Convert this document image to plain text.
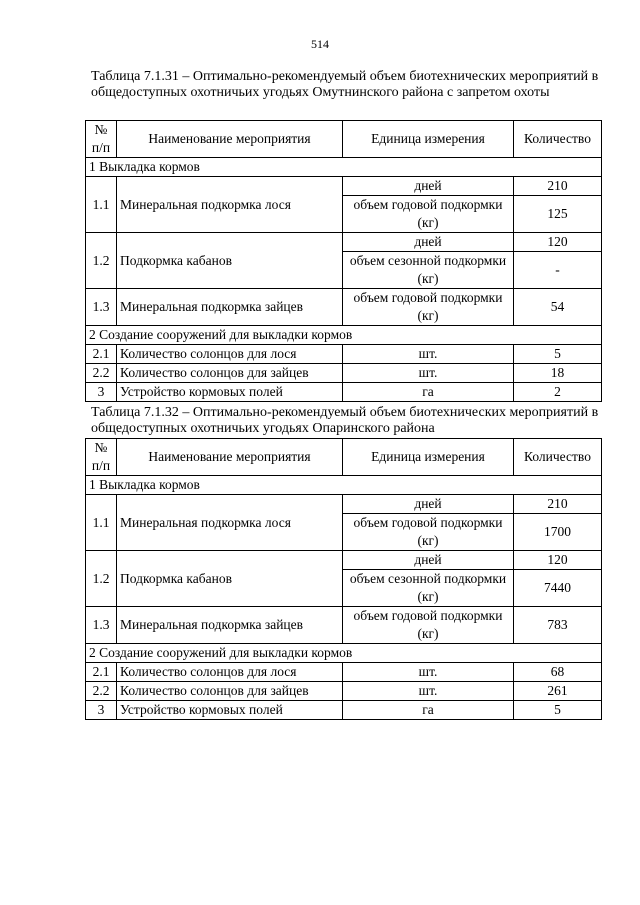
514
Таблица 7.1.31 – Оптимально-рекомендуемый объем биотехнических мероприятий в общедоступных охотничьих угодьях Омутнинского района с запретом охоты
№ п/п	Наименование мероприятия	Единица измерения	Количество
1 Выкладка кормов			
1.1	Минеральная подкормка лося	дней	210
		объем годовой подкормки (кг)	125
1.2	Подкормка кабанов	дней	120
		объем сезонной подкормки (кг)	-
1.3	Минеральная подкормка зайцев	объем годовой подкормки (кг)	54
2 Создание сооружений для выкладки кормов			
2.1	Количество солонцов для лося	шт.	5
2.2	Количество солонцов для зайцев	шт.	18
3	Устройство кормовых полей	га	2
Таблица 7.1.32 – Оптимально-рекомендуемый объем биотехнических мероприятий в общедоступных охотничьих угодьях Опаринского района
№ п/п	Наименование мероприятия	Единица измерения	Количество
1 Выкладка кормов			
1.1	Минеральная подкормка лося	дней	210
		объем годовой подкормки (кг)	1700
1.2	Подкормка кабанов	дней	120
		объем сезонной подкормки (кг)	7440
1.3	Минеральная подкормка зайцев	объем годовой подкормки (кг)	783
2 Создание сооружений для выкладки кормов			
2.1	Количество солонцов для лося	шт.	68
2.2	Количество солонцов для зайцев	шт.	261
3	Устройство кормовых полей	га	5
